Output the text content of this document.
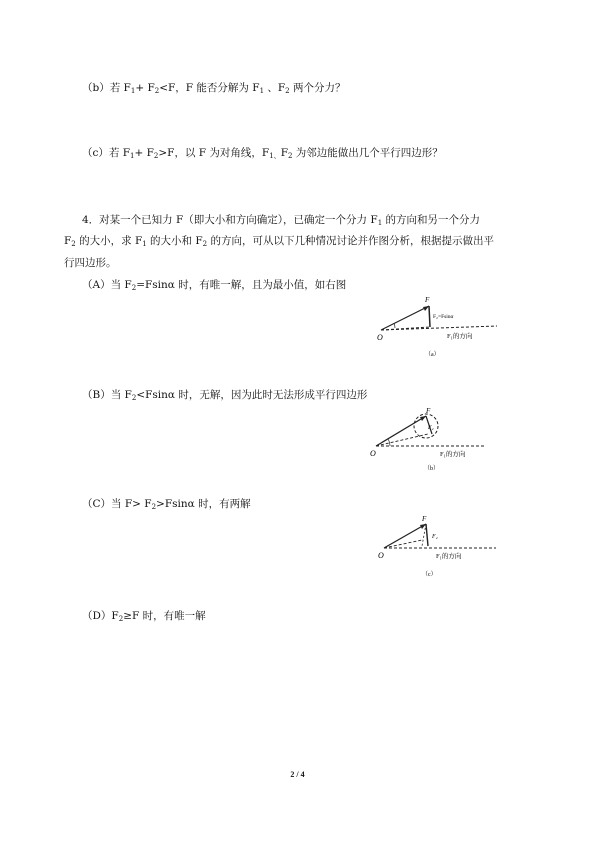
（b）若 $F_1+ F_2<F$，F 能否分解为 $F_1$ 、$F_2$ 两个分力？
（c）若 $F_1+ F_2>F$，以 F 为对角线，$F_{1、}F_2$ 为邻边能做出几个平行四边形？
4．对某一个已知力 F（即大小和方向确定），已确定一个分力 $F_1$ 的方向和另一个分力
$F_2$ 的大小，求 $F_1$ 的大小和 $F_2$ 的方向，可从以下几种情况讨论并作图分析，根据提示做出平
行四边形。
（A）当 $F_2=Fsin\alpha$ 时，有唯一解，且为最小值，如右图
O
F
F₂=Fsinα
F₁的方向
（a）
（B）当 $F_2<Fsin\alpha$ 时，无解，因为此时无法形成平行四边形
O
F
F₂
F₁的方向
（b）
（C）当 $F> F_2>Fsin\alpha$ 时，有两解
O
F
F₂
F₁的方向
（c）
$(D)F_2\ge F$ 时，有唯一解
2 / 4
